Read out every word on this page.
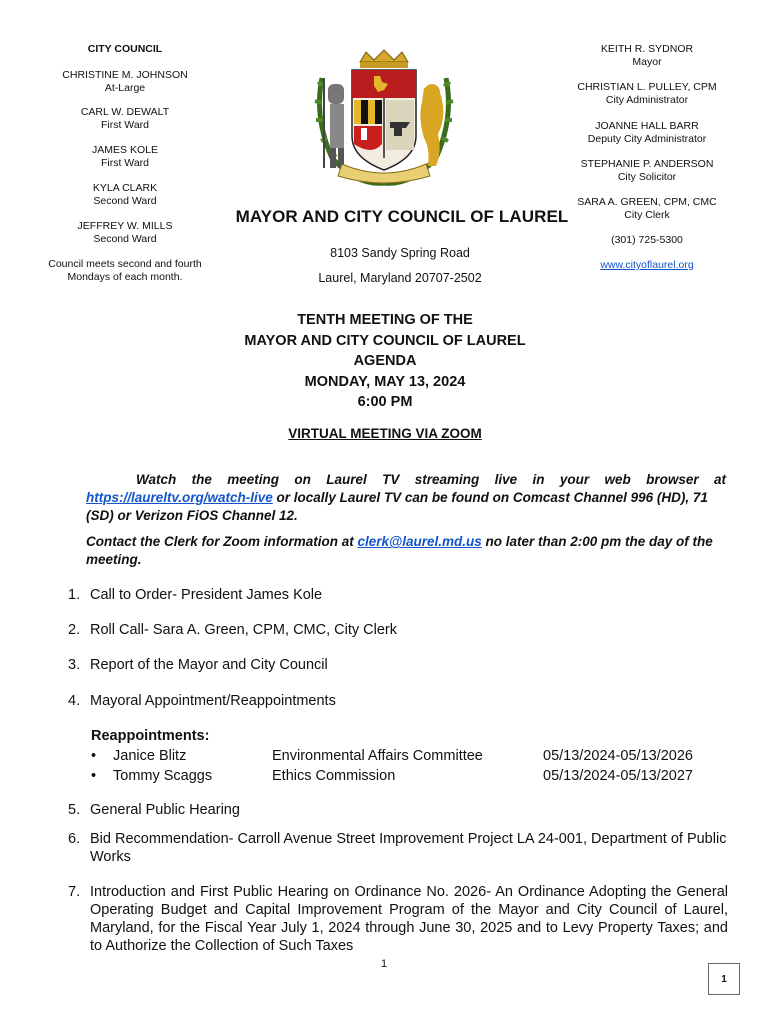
CITY COUNCIL
CHRISTINE M. JOHNSON
At-Large
CARL W. DEWALT
First Ward
JAMES KOLE
First Ward
KYLA CLARK
Second Ward
JEFFREY W. MILLS
Second Ward
Council meets second and fourth
Mondays of each month.
MAYOR AND CITY COUNCIL OF LAUREL
8103 Sandy Spring Road
Laurel, Maryland 20707-2502
KEITH R. SYDNOR
Mayor
CHRISTIAN L. PULLEY, CPM
City Administrator
JOANNE HALL BARR
Deputy City Administrator
STEPHANIE P. ANDERSON
City Solicitor
SARA A. GREEN, CPM, CMC
City Clerk
(301) 725-5300
www.cityoflaurel.org
TENTH MEETING OF THE
MAYOR AND CITY COUNCIL OF LAUREL
AGENDA
MONDAY, MAY 13, 2024
6:00 PM
VIRTUAL MEETING VIA ZOOM
Watch the meeting on Laurel TV streaming live in your web browser at
https://laureltv.org/watch-live or locally Laurel TV can be found on Comcast Channel 996 (HD), 71
(SD) or Verizon FiOS Channel 12.
Contact the Clerk for Zoom information at clerk@laurel.md.us no later than 2:00 pm the day of the
meeting.
1. Call to Order- President James Kole
2. Roll Call- Sara A. Green, CPM, CMC, City Clerk
3. Report of the Mayor and City Council
4. Mayoral Appointment/Reappointments
Reappointments:
• Janice Blitz	Environmental Affairs Committee	05/13/2024-05/13/2026
• Tommy Scaggs	Ethics Commission	05/13/2024-05/13/2027
5. General Public Hearing
6. Bid Recommendation- Carroll Avenue Street Improvement Project LA 24-001, Department of Public Works
7. Introduction and First Public Hearing on Ordinance No. 2026- An Ordinance Adopting the General Operating Budget and Capital Improvement Program of the Mayor and City Council of Laurel, Maryland, for the Fiscal Year July 1, 2024 through June 30, 2025 and to Levy Property Taxes; and to Authorize the Collection of Such Taxes
1
1
